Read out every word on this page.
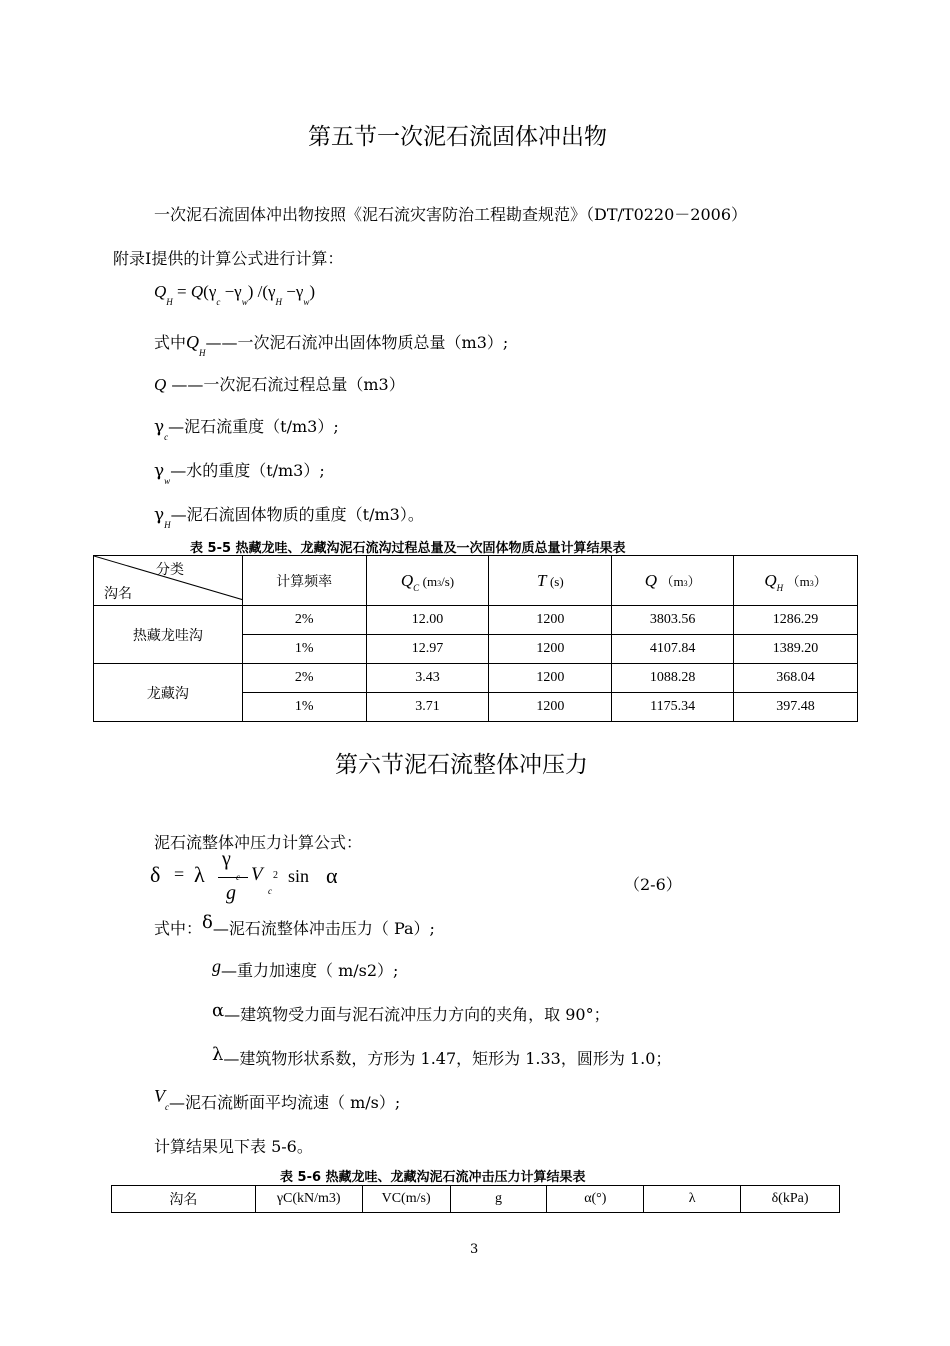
第五节一次泥石流固体冲出物
一次泥石流固体冲出物按照《泥石流灾害防治工程勘查规范》（DT/T0220－2006）
附录Ⅰ提供的计算公式进行计算：
$Q_H = Q(\gamma_c -\gamma_w)$ $/(\gamma_H -\gamma_w)$
式中$Q_H——$一次泥石流冲出固体物质总量（m3）;
Q ——一次泥石流过程总量（m3）
$\gamma_c—$泥石流重度（t/m3）;
$\gamma_w—$水的重度（t/m3）;
$\gamma_H—$泥石流固体物质的重度（t/m3）。
表 5-5 热藏龙哇、龙藏沟泥石流沟过程总量及一次固体物质总量计算结果表
分类
沟名	计算频率	$Q_C$ (m3/s)	T (s)	Q （m3）	$Q_H$ （m3）
热藏龙哇沟	2%	12.00	1200	3803.56	1286.29
	1%	12.97	1200	4107.84	1389.20
龙藏沟	2%	3.43	1200	1088.28	368.04
	1%	3.71	1200	1175.34	397.48
第六节泥石流整体冲压力
泥石流整体冲压力计算公式：
δ = λ
γ
c
g
V 2
c
sin α	（2-6）
式中：δ—泥石流整体冲击压力（ Pa）;
g—重力加速度（ m/s2）;
α—建筑物受力面与泥石流冲压力方向的夹角，取 90°；
λ—建筑物形状系数，方形为 1.47，矩形为 1.33，圆形为 1.0；
Vc—泥石流断面平均流速（ m/s）;
计算结果见下表 5-6。
表 5-6 热藏龙哇、龙藏沟泥石流冲击压力计算结果表
沟名	γC(kN/m3)	VC(m/s)	g	α(°)	λ	δ(kPa)
3
